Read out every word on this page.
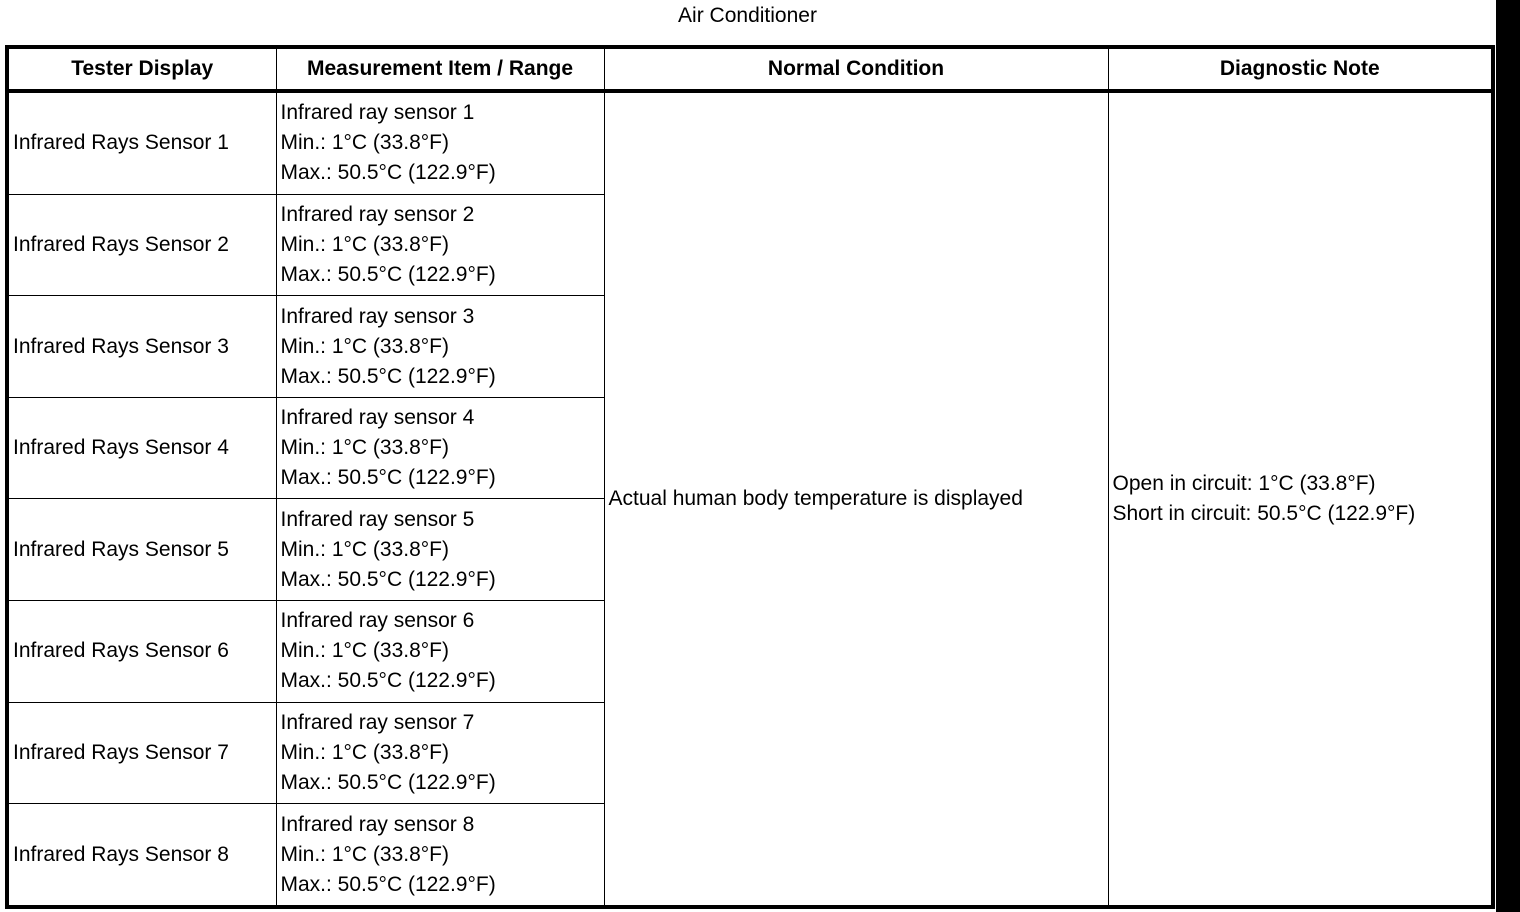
Air Conditioner
Tester Display	Measurement Item / Range	Normal Condition	Diagnostic Note
Infrared Rays Sensor 1	Infrared ray sensor 1
Min.: 1°C (33.8°F)
Max.: 50.5°C (122.9°F)	Actual human body temperature is displayed	Open in circuit: 1°C (33.8°F)
Short in circuit: 50.5°C (122.9°F)

Infrared Rays Sensor 2	Infrared ray sensor 2
Min.: 1°C (33.8°F)
Max.: 50.5°C (122.9°F)		

Infrared Rays Sensor 3	Infrared ray sensor 3
Min.: 1°C (33.8°F)
Max.: 50.5°C (122.9°F)		

Infrared Rays Sensor 4	Infrared ray sensor 4
Min.: 1°C (33.8°F)
Max.: 50.5°C (122.9°F)		

Infrared Rays Sensor 5	Infrared ray sensor 5
Min.: 1°C (33.8°F)
Max.: 50.5°C (122.9°F)		

Infrared Rays Sensor 6	Infrared ray sensor 6
Min.: 1°C (33.8°F)
Max.: 50.5°C (122.9°F)		

Infrared Rays Sensor 7	Infrared ray sensor 7
Min.: 1°C (33.8°F)
Max.: 50.5°C (122.9°F)		

Infrared Rays Sensor 8	Infrared ray sensor 8
Min.: 1°C (33.8°F)
Max.: 50.5°C (122.9°F)		
